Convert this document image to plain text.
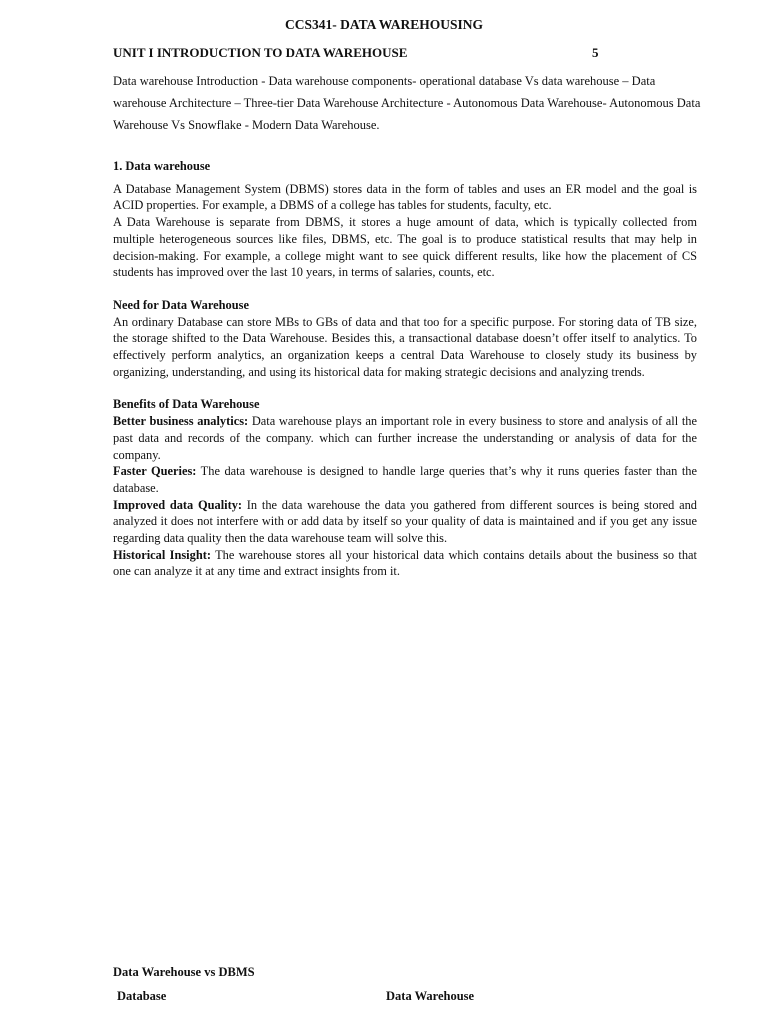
CCS341- DATA WAREHOUSING
UNIT I INTRODUCTION TO DATA WAREHOUSE	5

Data warehouse Introduction - Data warehouse components- operational database Vs data warehouse – Data warehouse Architecture – Three-tier Data Warehouse Architecture - Autonomous Data Warehouse- Autonomous Data Warehouse Vs Snowflake - Modern Data Warehouse.

1. Data warehouse

A Database Management System (DBMS) stores data in the form of tables and uses an ER model and the goal is ACID properties. For example, a DBMS of a college has tables for students, faculty, etc.

A Data Warehouse is separate from DBMS, it stores a huge amount of data, which is typically collected from multiple heterogeneous sources like files, DBMS, etc. The goal is to produce statistical results that may help in decision-making. For example, a college might want to see quick different results, like how the placement of CS students has improved over the last 10 years, in terms of salaries, counts, etc.

Need for Data Warehouse

An ordinary Database can store MBs to GBs of data and that too for a specific purpose. For storing data of TB size, the storage shifted to the Data Warehouse. Besides this, a transactional database doesn’t offer itself to analytics. To effectively perform analytics, an organization keeps a central Data Warehouse to closely study its business by organizing, understanding, and using its historical data for making strategic decisions and analyzing trends.

Benefits of Data Warehouse

Better business analytics: Data warehouse plays an important role in every business to store and analysis of all the past data and records of the company. which can further increase the understanding or analysis of data for the company.

Faster Queries: The data warehouse is designed to handle large queries that’s why it runs queries faster than the database.

Improved data Quality: In the data warehouse the data you gathered from different sources is being stored and analyzed it does not interfere with or add data by itself so your quality of data is maintained and if you get any issue regarding data quality then the data warehouse team will solve this.

Historical Insight: The warehouse stores all your historical data which contains details about the business so that one can analyze it at any time and extract insights from it.

Data Warehouse vs DBMS
Database	Data Warehouse
